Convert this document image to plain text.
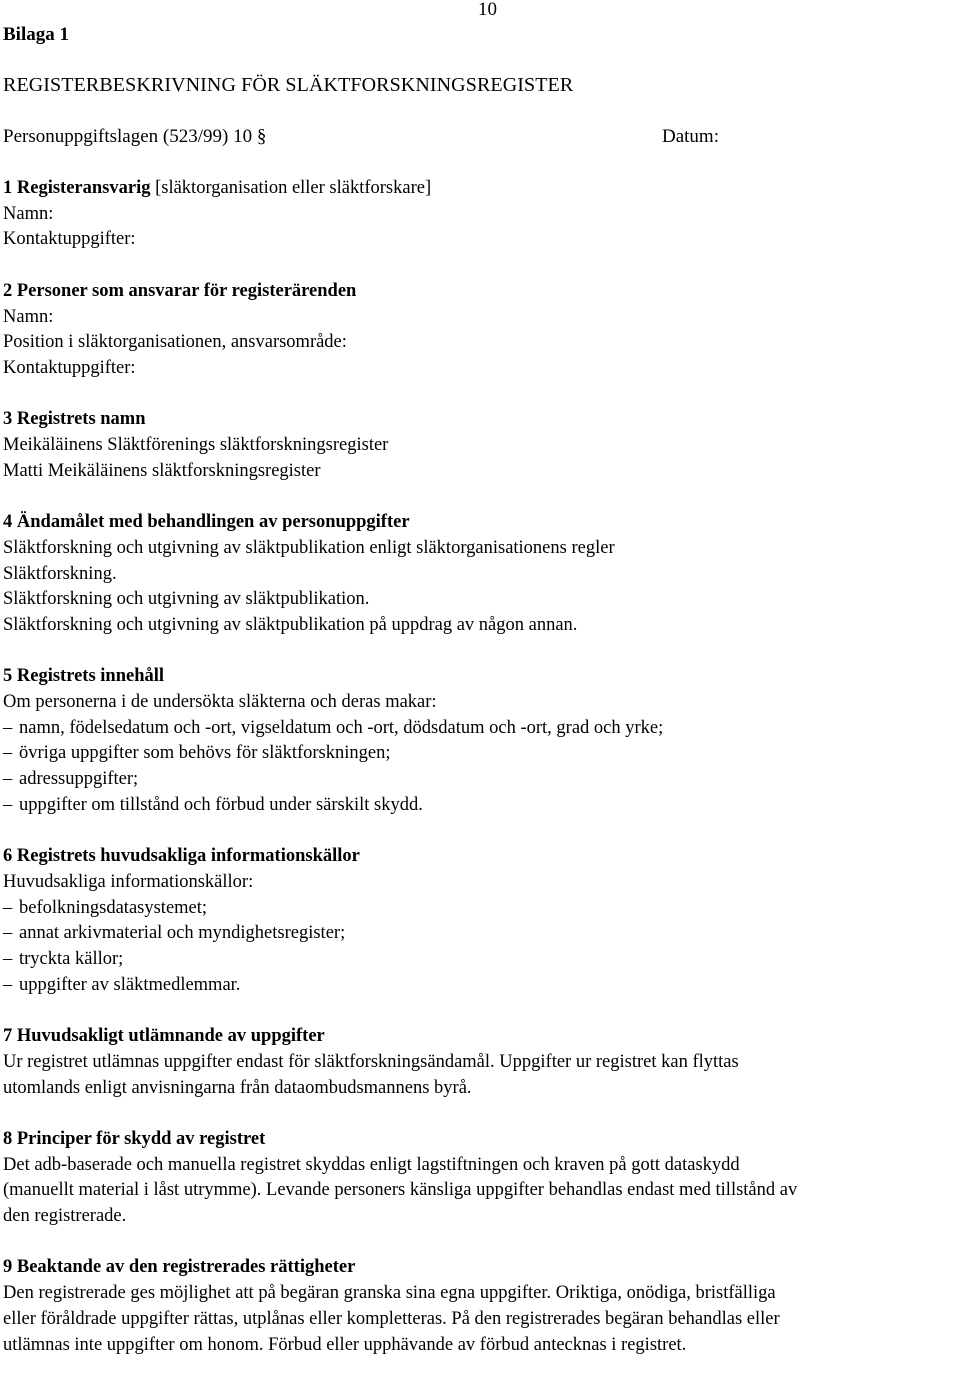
10
Bilaga 1
REGISTERBESKRIVNING FÖR SLÄKTFORSKNINGSREGISTER
Personuppgiftslagen (523/99) 10 §	Datum:

1 Registeransvarig [släktorganisation eller släktforskare]

Namn:

Kontaktuppgifter:

2 Personer som ansvarar för registerärenden

Namn:

Position i släktorganisationen, ansvarsområde:

Kontaktuppgifter:

3 Registrets namn

Meikäläinens Släktförenings släktforskningsregister

Matti Meikäläinens släktforskningsregister

4 Ändamålet med behandlingen av personuppgifter

Släktforskning och utgivning av släktpublikation enligt släktorganisationens regler

Släktforskning.

Släktforskning och utgivning av släktpublikation.

Släktforskning och utgivning av släktpublikation på uppdrag av någon annan.

5 Registrets innehåll

Om personerna i de undersökta släkterna och deras makar:

– namn, födelsedatum och -ort, vigseldatum och -ort, dödsdatum och -ort, grad och yrke;

– övriga uppgifter som behövs för släktforskningen;

– adressuppgifter;

– uppgifter om tillstånd och förbud under särskilt skydd.

6 Registrets huvudsakliga informationskällor

Huvudsakliga informationskällor:

– befolkningsdatasystemet;

– annat arkivmaterial och myndighetsregister;

– tryckta källor;

– uppgifter av släktmedlemmar.

7 Huvudsakligt utlämnande av uppgifter

Ur registret utlämnas uppgifter endast för släktforskningsändamål. Uppgifter ur registret kan flyttas

utomlands enligt anvisningarna från dataombudsmannens byrå.

8 Principer för skydd av registret

Det adb-baserade och manuella registret skyddas enligt lagstiftningen och kraven på gott dataskydd

(manuellt material i låst utrymme). Levande personers känsliga uppgifter behandlas endast med tillstånd av

den registrerade.

9 Beaktande av den registrerades rättigheter

Den registrerade ges möjlighet att på begäran granska sina egna uppgifter. Oriktiga, onödiga, bristfälliga

eller föråldrade uppgifter rättas, utplånas eller kompletteras. På den registrerades begäran behandlas eller

utlämnas inte uppgifter om honom. Förbud eller upphävande av förbud antecknas i registret.
